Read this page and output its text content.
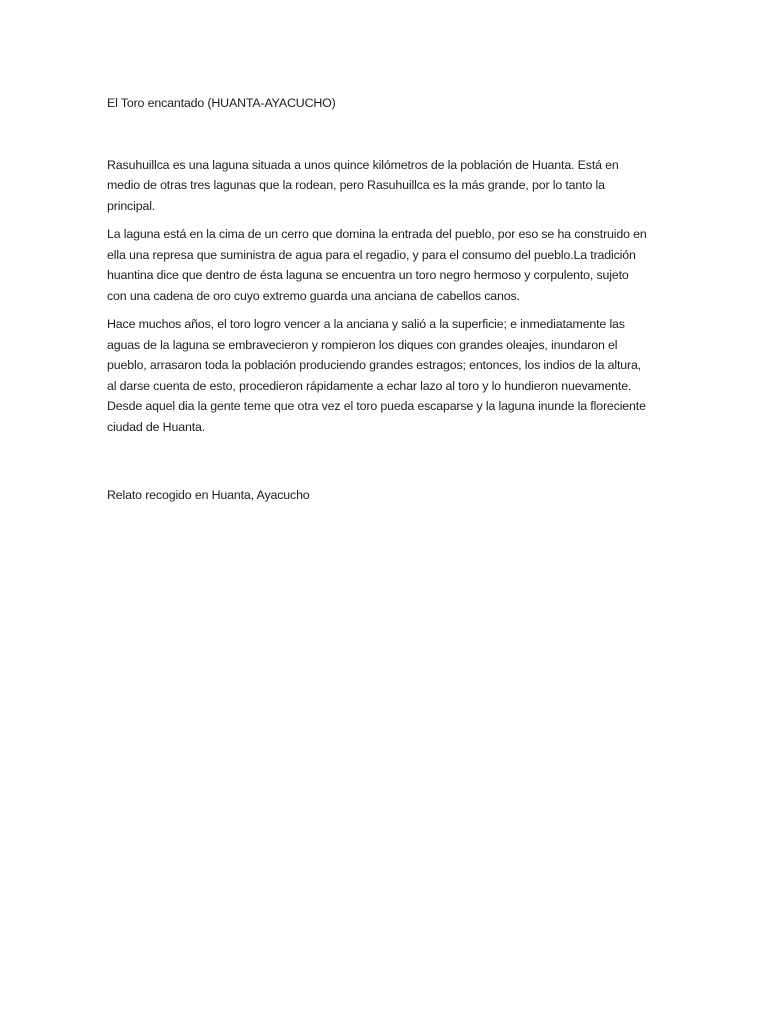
El Toro encantado (HUANTA-AYACUCHO)

Rasuhuillca es una laguna situada a unos quince kilómetros de la población de Huanta. Está en medio de otras tres lagunas que la rodean, pero Rasuhuillca es la más grande, por lo tanto la principal.

La laguna está en la cima de un cerro que domina la entrada del pueblo, por eso se ha construido en ella una represa que suministra de agua para el regadio, y para el consumo del pueblo.La tradición huantina dice que dentro de ésta laguna se encuentra un toro negro hermoso y corpulento, sujeto con una cadena de oro cuyo extremo guarda una anciana de cabellos canos.

Hace muchos años, el toro logro vencer a la anciana y salió a la superficie; e inmediatamente las aguas de la laguna se embravecieron y rompieron los diques con grandes oleajes, inundaron el pueblo, arrasaron toda la población produciendo grandes estragos; entonces, los indios de la altura, al darse cuenta de esto, procedieron rápidamente a echar lazo al toro y lo hundieron nuevamente. Desde aquel dia la gente teme que otra vez el toro pueda escaparse y la laguna inunde la floreciente ciudad de Huanta.

Relato recogido en Huanta, Ayacucho
